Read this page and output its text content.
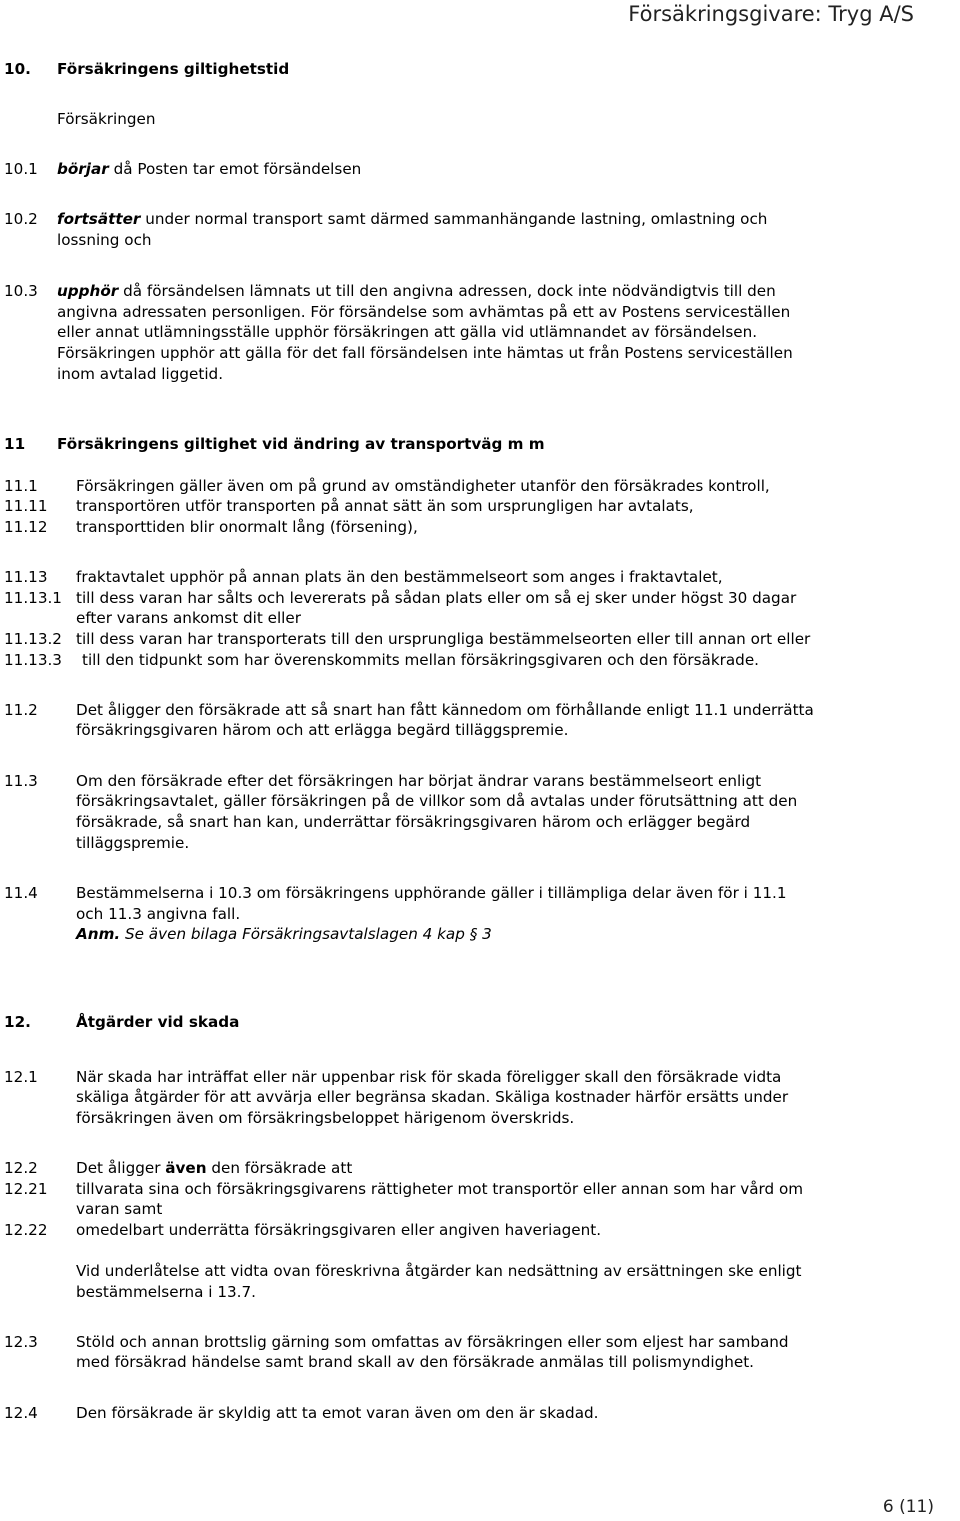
Försäkringsgivare: Tryg A/S
10. Försäkringens giltighetstid
Försäkringen
10.1 börjar då Posten tar emot försändelsen
10.2 fortsätter under normal transport samt därmed sammanhängande lastning, omlastning och
lossning och
10.3 upphör då försändelsen lämnats ut till den angivna adressen, dock inte nödvändigtvis till den
angivna adressaten personligen. För försändelse som avhämtas på ett av Postens serviceställen
eller annat utlämningsställe upphör försäkringen att gälla vid utlämnandet av försändelsen.
Försäkringen upphör att gälla för det fall försändelsen inte hämtas ut från Postens serviceställen
inom avtalad liggetid.
11 Försäkringens giltighet vid ändring av transportväg m m
11.1	Försäkringen gäller även om på grund av omständigheter utanför den försäkrades kontroll,
11.11 transportören utför transporten på annat sätt än som ursprungligen har avtalats,
11.12 transporttiden blir onormalt lång (försening),
11.13 fraktavtalet upphör på annan plats än den bestämmelseort som anges i fraktavtalet,
11.13.1 till dess varan har sålts och levererats på sådan plats eller om så ej sker under högst 30 dagar
efter varans ankomst dit eller
11.13.2 till dess varan har transporterats till den ursprungliga bestämmelseorten eller till annan ort eller
11.13.3 till den tidpunkt som har överenskommits mellan försäkringsgivaren och den försäkrade.
11.2	Det åligger den försäkrade att så snart han fått kännedom om förhållande enligt 11.1 underrätta
försäkringsgivaren härom och att erlägga begärd tilläggspremie.
11.3	Om den försäkrade efter det försäkringen har börjat ändrar varans bestämmelseort enligt
försäkringsavtalet, gäller försäkringen på de villkor som då avtalas under förutsättning att den
försäkrade, så snart han kan, underrättar försäkringsgivaren härom och erlägger begärd
tilläggspremie.
11.4	Bestämmelserna i 10.3 om försäkringens upphörande gäller i tillämpliga delar även för i 11.1
och 11.3 angivna fall.
Anm. Se även bilaga Försäkringsavtalslagen 4 kap § 3
12.	Åtgärder vid skada
12.1	När skada har inträffat eller när uppenbar risk för skada föreligger skall den försäkrade vidta
skäliga åtgärder för att avvärja eller begränsa skadan. Skäliga kostnader härför ersätts under
försäkringen även om försäkringsbeloppet härigenom överskrids.
12.2	Det åligger även den försäkrade att
12.21 tillvarata sina och försäkringsgivarens rättigheter mot transportör eller annan som har vård om
varan samt
12.22 omedelbart underrätta försäkringsgivaren eller angiven haveriagent.
Vid underlåtelse att vidta ovan föreskrivna åtgärder kan nedsättning av ersättningen ske enligt
bestämmelserna i 13.7.
12.3	Stöld och annan brottslig gärning som omfattas av försäkringen eller som eljest har samband
med försäkrad händelse samt brand skall av den försäkrade anmälas till polismyndighet.
12.4	Den försäkrade är skyldig att ta emot varan även om den är skadad.
6 (11)
